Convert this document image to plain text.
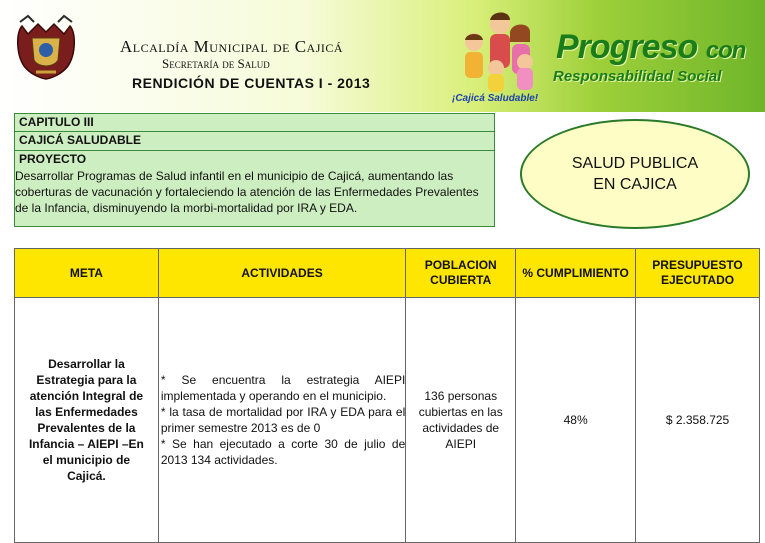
Alcaldía Municipal de Cajicá
Secretaría de Salud
RENDICIÓN DE CUENTAS I - 2013
¡Cajicá Saludable!
Progreso con
Responsabilidad Social
CAPITULO III
CAJICÁ SALUDABLE
PROYECTO
Desarrollar Programas de Salud infantil en el municipio de Cajicá, aumentando las coberturas de vacunación y fortaleciendo la atención de las Enfermedades Prevalentes de la Infancia, disminuyendo la morbi-mortalidad por IRA y EDA.
SALUD PUBLICA
EN CAJICA
META	ACTIVIDADES	POBLACION CUBIERTA	% CUMPLIMIENTO	PRESUPUESTO EJECUTADO
Desarrollar la Estrategia para la atención Integral de las Enfermedades Prevalentes de la Infancia – AIEPI –En el municipio de Cajicá.	* Se encuentra la estrategia AIEPI implementada y operando en el municipio.
* la tasa de mortalidad por IRA y EDA para el primer semestre 2013 es de 0
* Se han ejecutado a corte 30 de julio de 2013 134 actividades.	136 personas cubiertas en las actividades de AIEPI	48%	$ 2.358.725
